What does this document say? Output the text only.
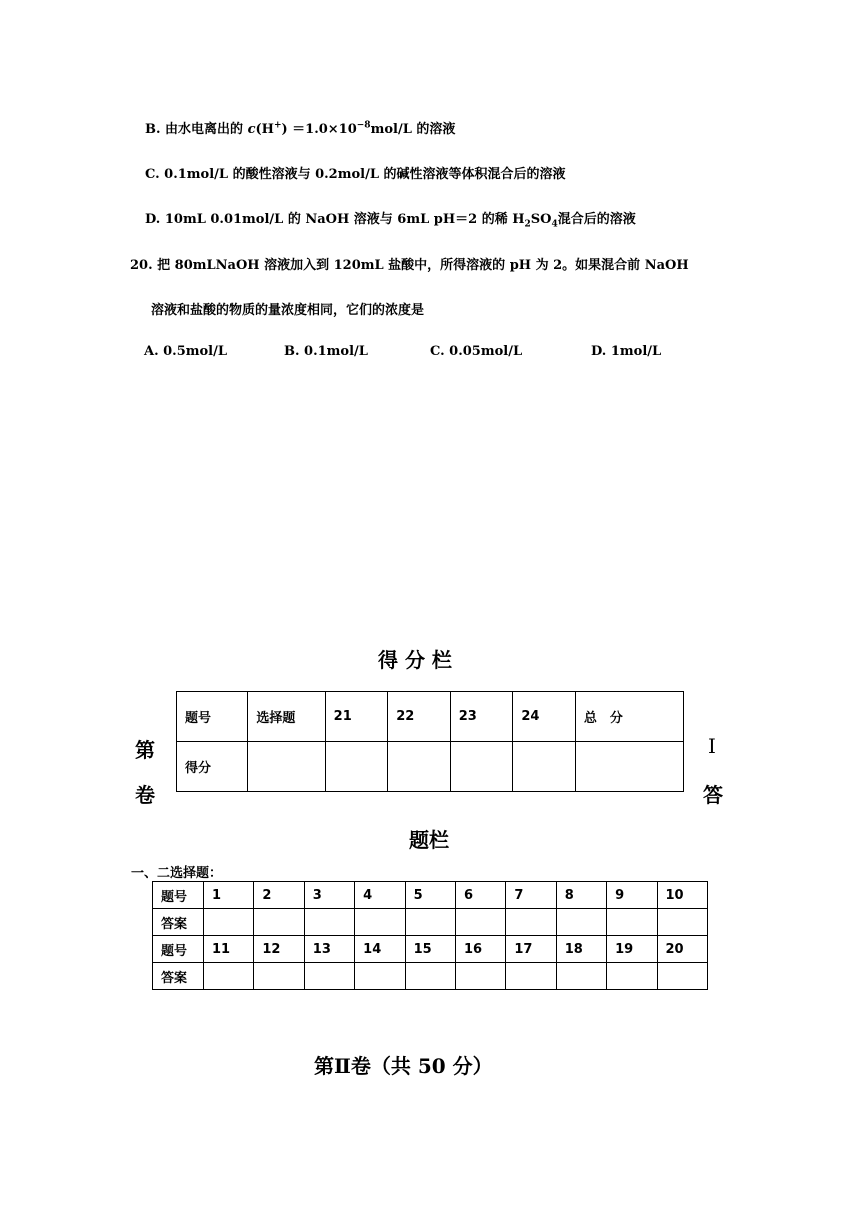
B. 由水电离出的 $c(H^+) =1.0\times 10^{-8}mol/L$ 的溶液
C. 0.1mol/L 的酸性溶液与 0.2mol/L 的碱性溶液等体积混合后的溶液
D. 10mL 0.01mol/L 的 NaOH 溶液与 6mL pH＝2 的稀 $H_2SO_4$混合后的溶液
20. 把 80mLNaOH 溶液加入到 120mL 盐酸中，所得溶液的 pH 为 2。如果混合前 NaOH
溶液和盐酸的物质的量浓度相同，它们的浓度是
A. 0.5mol/L	B. 0.1mol/L	C. 0.05mol/L	D. 1mol/L
得 分 栏
第
卷
I
答
题号	选择题	21	22	23	24	总　分
得分						
题栏
一、二选择题：
题号	1	2	3	4	5	6	7	8	9	10
答案										
题号	11	12	13	14	15	16	17	18	19	20
答案										
第Ⅱ卷（共 50 分）
